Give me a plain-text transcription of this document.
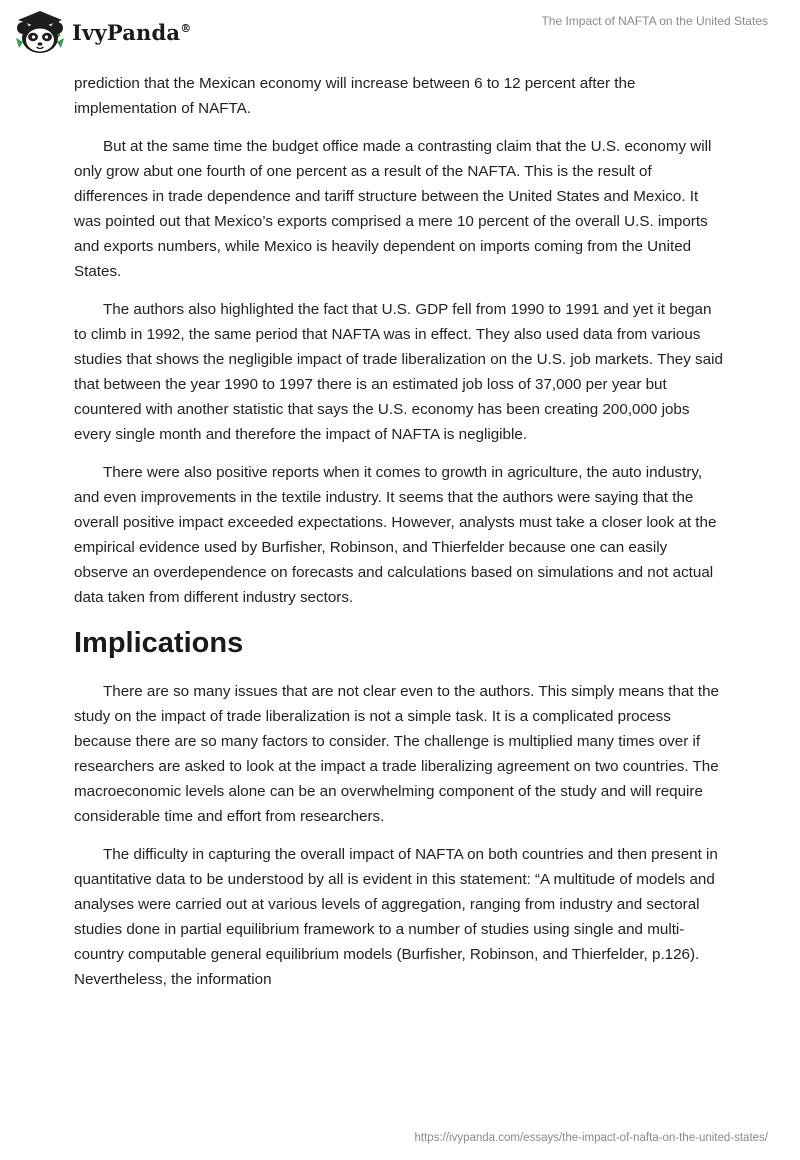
IvyPanda®	The Impact of NAFTA on the United States

prediction that the Mexican economy will increase between 6 to 12 percent after the implementation of NAFTA.

But at the same time the budget office made a contrasting claim that the U.S. economy will only grow abut one fourth of one percent as a result of the NAFTA. This is the result of differences in trade dependence and tariff structure between the United States and Mexico. It was pointed out that Mexico’s exports comprised a mere 10 percent of the overall U.S. imports and exports numbers, while Mexico is heavily dependent on imports coming from the United States.

The authors also highlighted the fact that U.S. GDP fell from 1990 to 1991 and yet it began to climb in 1992, the same period that NAFTA was in effect. They also used data from various studies that shows the negligible impact of trade liberalization on the U.S. job markets. They said that between the year 1990 to 1997 there is an estimated job loss of 37,000 per year but countered with another statistic that says the U.S. economy has been creating 200,000 jobs every single month and therefore the impact of NAFTA is negligible.

There were also positive reports when it comes to growth in agriculture, the auto industry, and even improvements in the textile industry. It seems that the authors were saying that the overall positive impact exceeded expectations. However, analysts must take a closer look at the empirical evidence used by Burfisher, Robinson, and Thierfelder because one can easily observe an overdependence on forecasts and calculations based on simulations and not actual data taken from different industry sectors.

Implications

There are so many issues that are not clear even to the authors. This simply means that the study on the impact of trade liberalization is not a simple task. It is a complicated process because there are so many factors to consider. The challenge is multiplied many times over if researchers are asked to look at the impact a trade liberalizing agreement on two countries. The macroeconomic levels alone can be an overwhelming component of the study and will require considerable time and effort from researchers.

The difficulty in capturing the overall impact of NAFTA on both countries and then present in quantitative data to be understood by all is evident in this statement: “A multitude of models and analyses were carried out at various levels of aggregation, ranging from industry and sectoral studies done in partial equilibrium framework to a number of studies using single and multi-country computable general equilibrium models (Burfisher, Robinson, and Thierfelder, p.126). Nevertheless, the information

https://ivypanda.com/essays/the-impact-of-nafta-on-the-united-states/
